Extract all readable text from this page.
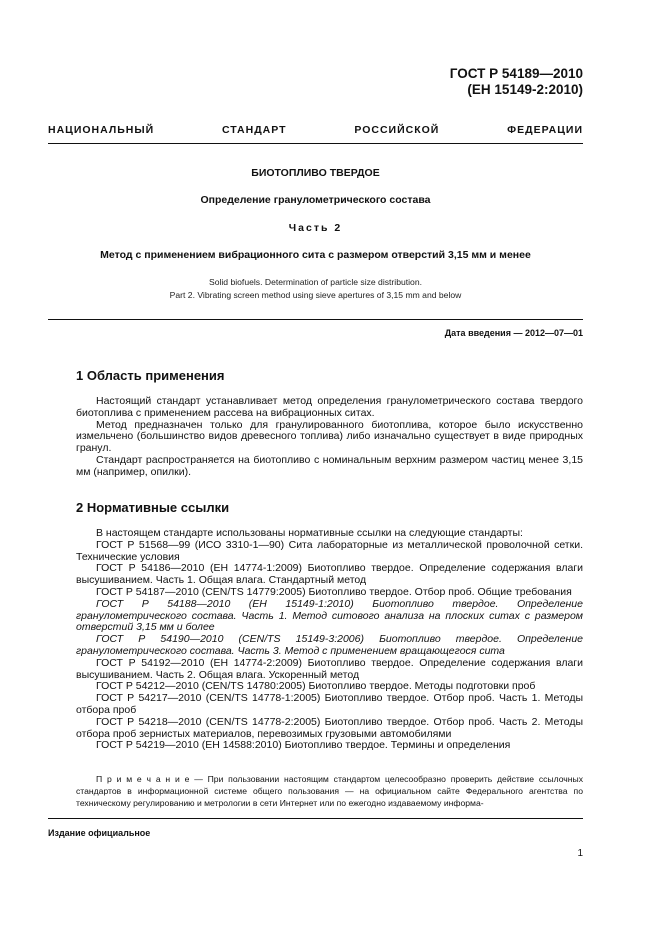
ГОСТ Р 54189—2010
(ЕН 15149-2:2010)
НАЦИОНАЛЬНЫЙ СТАНДАРТ РОССИЙСКОЙ ФЕДЕРАЦИИ
БИОТОПЛИВО ТВЕРДОЕ
Определение гранулометрического состава
Часть 2
Метод с применением вибрационного сита с размером отверстий 3,15 мм и менее
Solid biofuels. Determination of particle size distribution.
Part 2. Vibrating screen method using sieve apertures of 3,15 mm and below
Дата введения — 2012—07—01
1 Область применения

Настоящий стандарт устанавливает метод определения гранулометрического состава твердого биотоплива с применением рассева на вибрационных ситах.

Метод предназначен только для гранулированного биотоплива, которое было искусственно измельчено (большинство видов древесного топлива) либо изначально существует в виде природных гранул.

Стандарт распространяется на биотопливо с номинальным верхним размером частиц менее 3,15 мм (например, опилки).

2 Нормативные ссылки

В настоящем стандарте использованы нормативные ссылки на следующие стандарты:

ГОСТ Р 51568—99 (ИСО 3310-1—90) Сита лабораторные из металлической проволочной сетки. Технические условия

ГОСТ Р 54186—2010 (ЕН 14774-1:2009) Биотопливо твердое. Определение содержания влаги высушиванием. Часть 1. Общая влага. Стандартный метод

ГОСТ Р 54187—2010 (CEN/TS 14779:2005) Биотопливо твердое. Отбор проб. Общие требования

ГОСТ Р 54188—2010 (ЕН 15149-1:2010) Биотопливо твердое. Определение гранулометрического состава. Часть 1. Метод ситового анализа на плоских ситах с размером отверстий 3,15 мм и более

ГОСТ Р 54190—2010 (CEN/TS 15149-3:2006) Биотопливо твердое. Определение гранулометрического состава. Часть 3. Метод с применением вращающегося сита

ГОСТ Р 54192—2010 (ЕН 14774-2:2009) Биотопливо твердое. Определение содержания влаги высушиванием. Часть 2. Общая влага. Ускоренный метод

ГОСТ Р 54212—2010 (CEN/TS 14780:2005) Биотопливо твердое. Методы подготовки проб

ГОСТ Р 54217—2010 (CEN/TS 14778-1:2005) Биотопливо твердое. Отбор проб. Часть 1. Методы отбора проб

ГОСТ Р 54218—2010 (CEN/TS 14778-2:2005) Биотопливо твердое. Отбор проб. Часть 2. Методы отбора проб зернистых материалов, перевозимых грузовыми автомобилями

ГОСТ Р 54219—2010 (ЕН 14588:2010) Биотопливо твердое. Термины и определения

П р и м е ч а н и е — При пользовании настоящим стандартом целесообразно проверить действие ссылочных стандартов в информационной системе общего пользования — на официальном сайте Федерального агентства по техническому регулированию и метрологии в сети Интернет или по ежегодно издаваемому информа-
Издание официальное
1
